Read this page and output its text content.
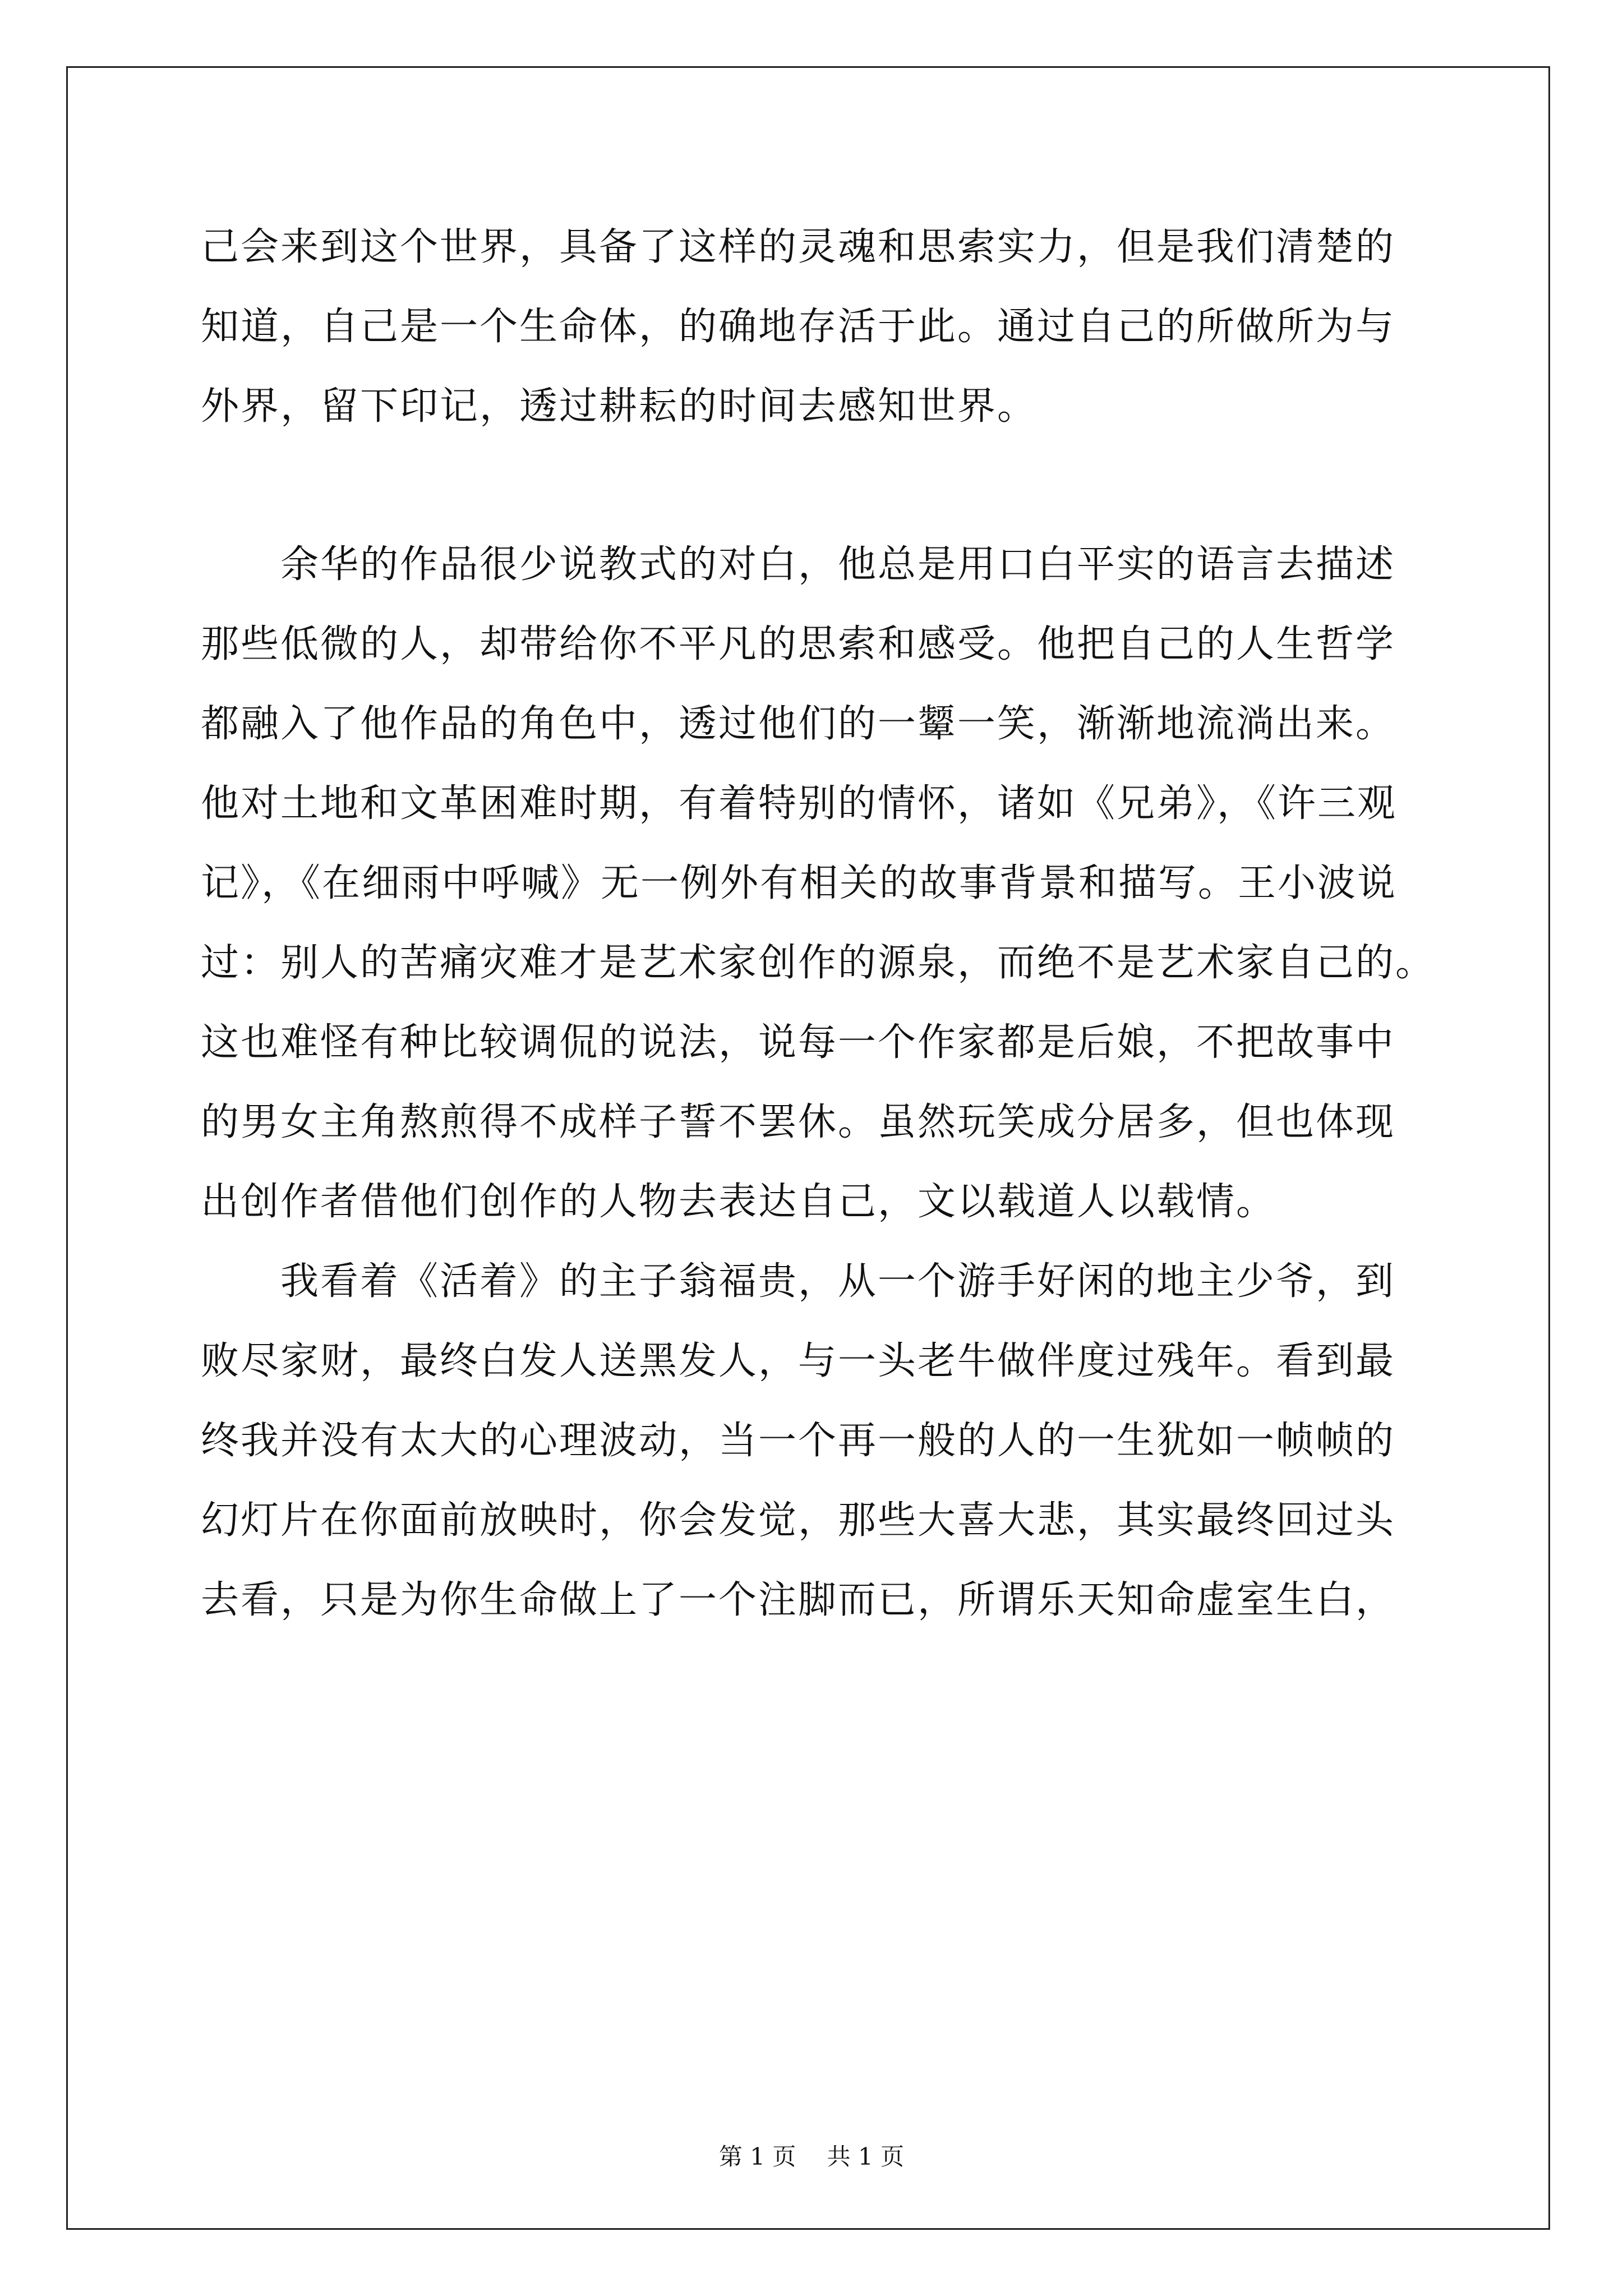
己会来到这个世界，具备了这样的灵魂和思索实力，但是我们清楚的
知道，自己是一个生命体，的确地存活于此。通过自己的所做所为与
外界，留下印记，透过耕耘的时间去感知世界。
　　余华的作品很少说教式的对白，他总是用口白平实的语言去描述
那些低微的人，却带给你不平凡的思索和感受。他把自己的人生哲学
都融入了他作品的角色中，透过他们的一颦一笑，渐渐地流淌出来。
他对土地和文革困难时期，有着特别的情怀，诸如《兄弟》，《许三观
记》，《在细雨中呼喊》无一例外有相关的故事背景和描写。王小波说
过：别人的苦痛灾难才是艺术家创作的源泉，而绝不是艺术家自己的。
这也难怪有种比较调侃的说法，说每一个作家都是后娘，不把故事中
的男女主角熬煎得不成样子誓不罢休。虽然玩笑成分居多，但也体现
出创作者借他们创作的人物去表达自己，文以载道人以载情。
　　我看着《活着》的主子翁福贵，从一个游手好闲的地主少爷，到
败尽家财，最终白发人送黑发人，与一头老牛做伴度过残年。看到最
终我并没有太大的心理波动，当一个再一般的人的一生犹如一帧帧的
幻灯片在你面前放映时，你会发觉，那些大喜大悲，其实最终回过头
去看，只是为你生命做上了一个注脚而已，所谓乐天知命虚室生白，
第 1 页　 共 1 页
